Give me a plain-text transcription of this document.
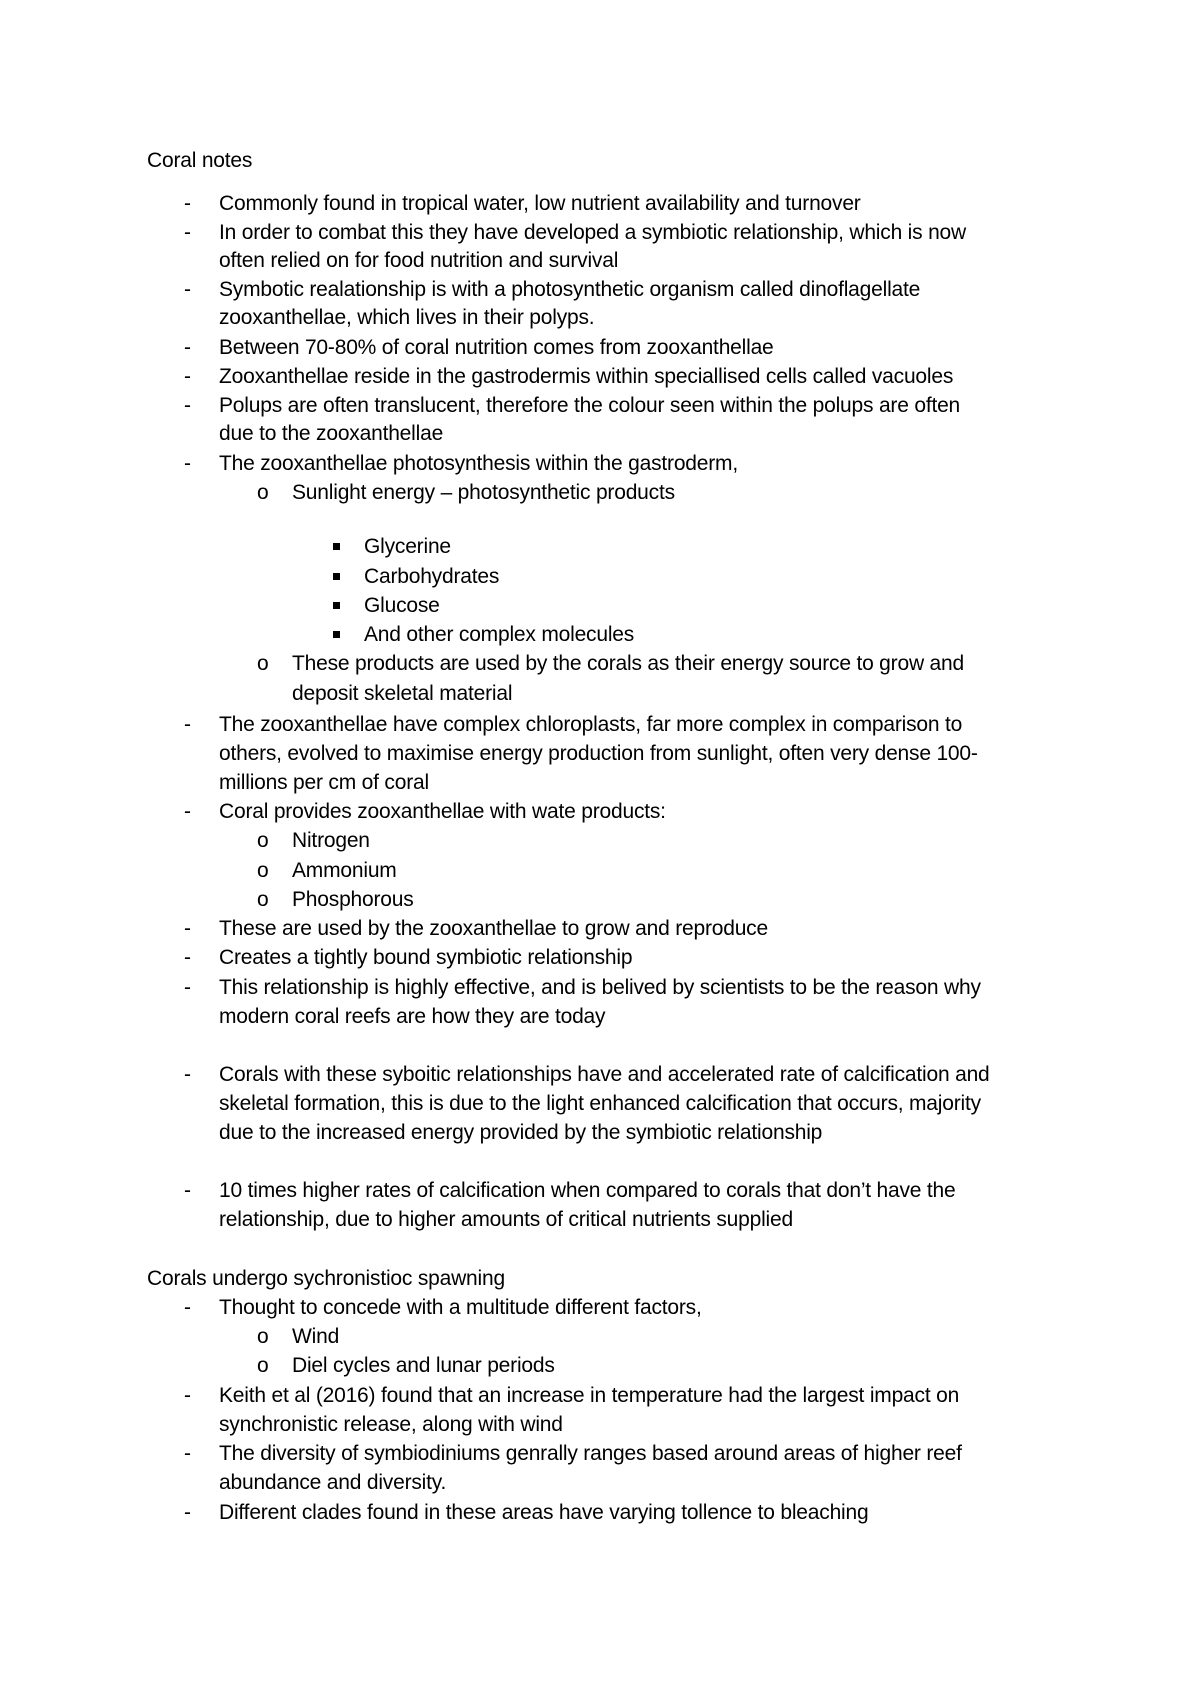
Coral notes
- Commonly found in tropical water, low nutrient availability and turnover
- In order to combat this they have developed a symbiotic relationship, which is now
often relied on for food nutrition and survival
- Symbotic realationship is with a photosynthetic organism called dinoflagellate
zooxanthellae, which lives in their polyps.
- Between 70-80% of coral nutrition comes from zooxanthellae
- Zooxanthellae reside in the gastrodermis within speciallised cells called vacuoles
- Polups are often translucent, therefore the colour seen within the polups are often
due to the zooxanthellae
- The zooxanthellae photosynthesis within the gastroderm,
o Sunlight energy – photosynthetic products
Glycerine
Carbohydrates
Glucose
And other complex molecules
o These products are used by the corals as their energy source to grow and
deposit skeletal material
- The zooxanthellae have complex chloroplasts, far more complex in comparison to
others, evolved to maximise energy production from sunlight, often very dense 100-
millions per cm of coral
- Coral provides zooxanthellae with wate products:
o Nitrogen
o Ammonium
o Phosphorous
- These are used by the zooxanthellae to grow and reproduce
- Creates a tightly bound symbiotic relationship
- This relationship is highly effective, and is belived by scientists to be the reason why
modern coral reefs are how they are today
- Corals with these syboitic relationships have and accelerated rate of calcification and
skeletal formation, this is due to the light enhanced calcification that occurs, majority
due to the increased energy provided by the symbiotic relationship
- 10 times higher rates of calcification when compared to corals that don’t have the
relationship, due to higher amounts of critical nutrients supplied
Corals undergo sychronistioc spawning
- Thought to concede with a multitude different factors,
o Wind
o Diel cycles and lunar periods
- Keith et al (2016) found that an increase in temperature had the largest impact on
synchronistic release, along with wind
- The diversity of symbiodiniums genrally ranges based around areas of higher reef
abundance and diversity.
- Different clades found in these areas have varying tollence to bleaching
